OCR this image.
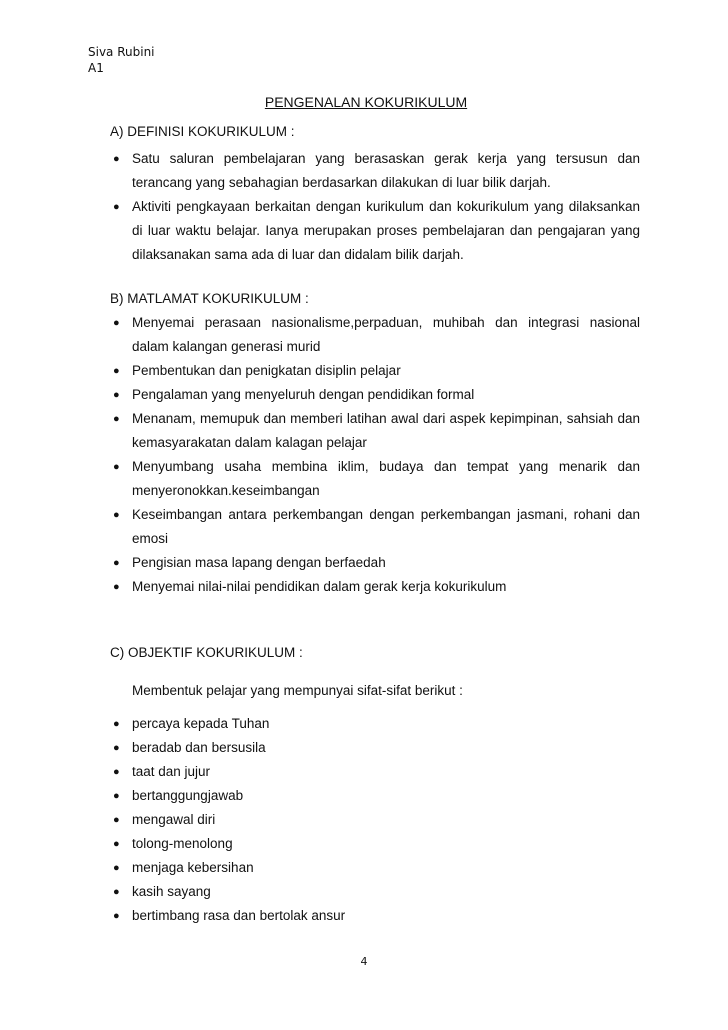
Siva Rubini
A1
PENGENALAN KOKURIKULUM
A) DEFINISI KOKURIKULUM :
● Satu saluran pembelajaran yang berasaskan gerak kerja yang tersusun dan terancang yang sebahagian berdasarkan dilakukan di luar bilik darjah.
● Aktiviti pengkayaan berkaitan dengan kurikulum dan kokurikulum yang dilaksankan di luar waktu belajar. Ianya merupakan proses pembelajaran dan pengajaran yang dilaksanakan sama ada di luar dan didalam bilik darjah.
B) MATLAMAT KOKURIKULUM :
● Menyemai perasaan nasionalisme,perpaduan, muhibah dan integrasi nasional dalam kalangan generasi murid
● Pembentukan dan penigkatan disiplin pelajar
● Pengalaman yang menyeluruh dengan pendidikan formal
● Menanam, memupuk dan memberi latihan awal dari aspek kepimpinan, sahsiah dan kemasyarakatan dalam kalagan pelajar
● Menyumbang usaha membina iklim, budaya dan tempat yang menarik dan menyeronokkan.keseimbangan
● Keseimbangan antara perkembangan dengan perkembangan jasmani, rohani dan emosi
● Pengisian masa lapang dengan berfaedah
● Menyemai nilai-nilai pendidikan dalam gerak kerja kokurikulum
C) OBJEKTIF KOKURIKULUM :
Membentuk pelajar yang mempunyai sifat-sifat berikut :
● percaya kepada Tuhan
● beradab dan bersusila
● taat dan jujur
● bertanggungjawab
● mengawal diri
● tolong-menolong
● menjaga kebersihan
● kasih sayang
● bertimbang rasa dan bertolak ansur
4
